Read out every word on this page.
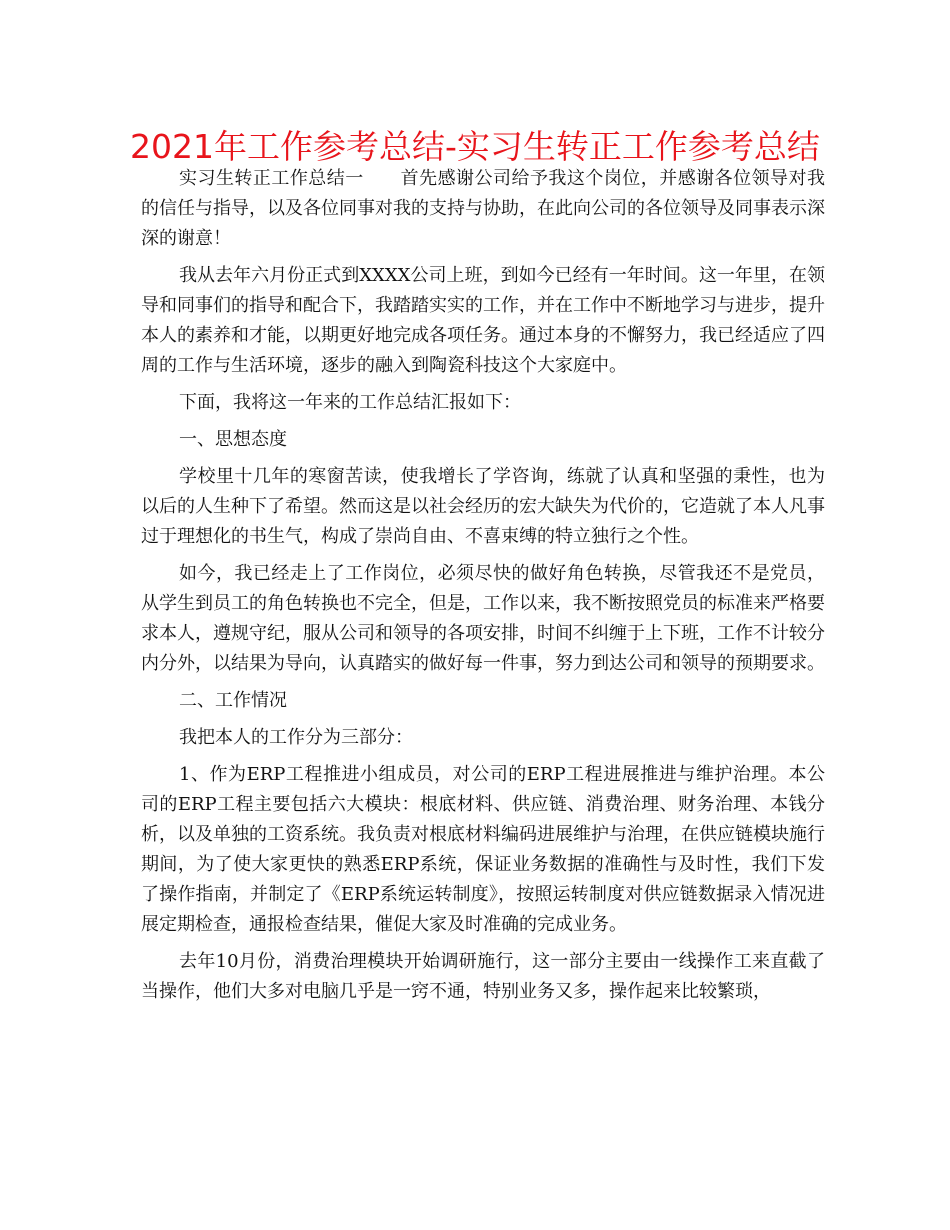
2021年工作参考总结-实习生转正工作参考总结

实习生转正工作总结一　　首先感谢公司给予我这个岗位，并感谢各位领导对我的信任与指导，以及各位同事对我的支持与协助，在此向公司的各位领导及同事表示深深的谢意！

我从去年六月份正式到XXXX公司上班，到如今已经有一年时间。这一年里，在领导和同事们的指导和配合下，我踏踏实实的工作，并在工作中不断地学习与进步，提升本人的素养和才能，以期更好地完成各项任务。通过本身的不懈努力，我已经适应了四周的工作与生活环境，逐步的融入到陶瓷科技这个大家庭中。

下面，我将这一年来的工作总结汇报如下：

一、思想态度

学校里十几年的寒窗苦读，使我增长了学咨询，练就了认真和坚强的秉性，也为以后的人生种下了希望。然而这是以社会经历的宏大缺失为代价的，它造就了本人凡事过于理想化的书生气，构成了崇尚自由、不喜束缚的特立独行之个性。

如今，我已经走上了工作岗位，必须尽快的做好角色转换，尽管我还不是党员，从学生到员工的角色转换也不完全，但是，工作以来，我不断按照党员的标准来严格要求本人，遵规守纪，服从公司和领导的各项安排，时间不纠缠于上下班，工作不计较分内分外，以结果为导向，认真踏实的做好每一件事，努力到达公司和领导的预期要求。

二、工作情况

我把本人的工作分为三部分：

1、作为ERP工程推进小组成员，对公司的ERP工程进展推进与维护治理。本公司的ERP工程主要包括六大模块：根底材料、供应链、消费治理、财务治理、本钱分析，以及单独的工资系统。我负责对根底材料编码进展维护与治理，在供应链模块施行期间，为了使大家更快的熟悉ERP系统，保证业务数据的准确性与及时性，我们下发了操作指南，并制定了《ERP系统运转制度》，按照运转制度对供应链数据录入情况进展定期检查，通报检查结果，催促大家及时准确的完成业务。

去年10月份，消费治理模块开始调研施行，这一部分主要由一线操作工来直截了当操作，他们大多对电脑几乎是一窍不通，特别业务又多，操作起来比较繁琐，
